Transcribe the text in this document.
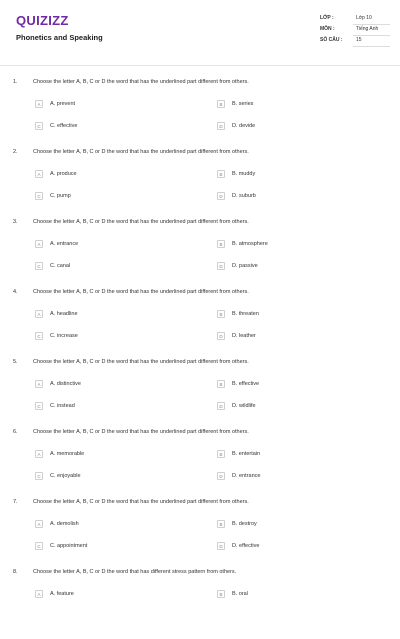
QUIZIZZ
Phonetics and Speaking
LỚP :	Lớp 10
MÔN :	Tiếng Anh
SỐ CÂU :	15
1.	Choose the letter A, B, C or D the word that has the underlined part different from others.
A	A. prevent	B	B. series
C	C. effective	D	D. devide
2.	Choose the letter A, B, C or D the word that has the underlined part different from others.
A	A. produce	B	B. muddy
C	C. pump	D	D. suburb
3.	Choose the letter A, B, C or D the word that has the underlined part different from others.
A	A. entrance	B	B. atmosphere
C	C. canal	D	D. passive
4.	Choose the letter A, B, C or D the word that has the underlined part different from others.
A	A. headline	B	B. threaten
C	C. increase	D	D. leather
5.	Choose the letter A, B, C or D the word that has the underlined part different from others.
A	A. distinctive	B	B. effective
C	C. instead	D	D. wildlife
6.	Choose the letter A, B, C or D the word that has the underlined part different from others.
A	A. memorable	B	B. entertain
C	C. enjoyable	D	D. entrance
7.	Choose the letter A, B, C or D the word that has the underlined part different from others.
A	A. demolish	B	B. destroy
C	C. appointment	D	D. effective
8.	Choose the letter A, B, C or D the word that has different stress pattern from others.
A	A. feature	B	B. oral
